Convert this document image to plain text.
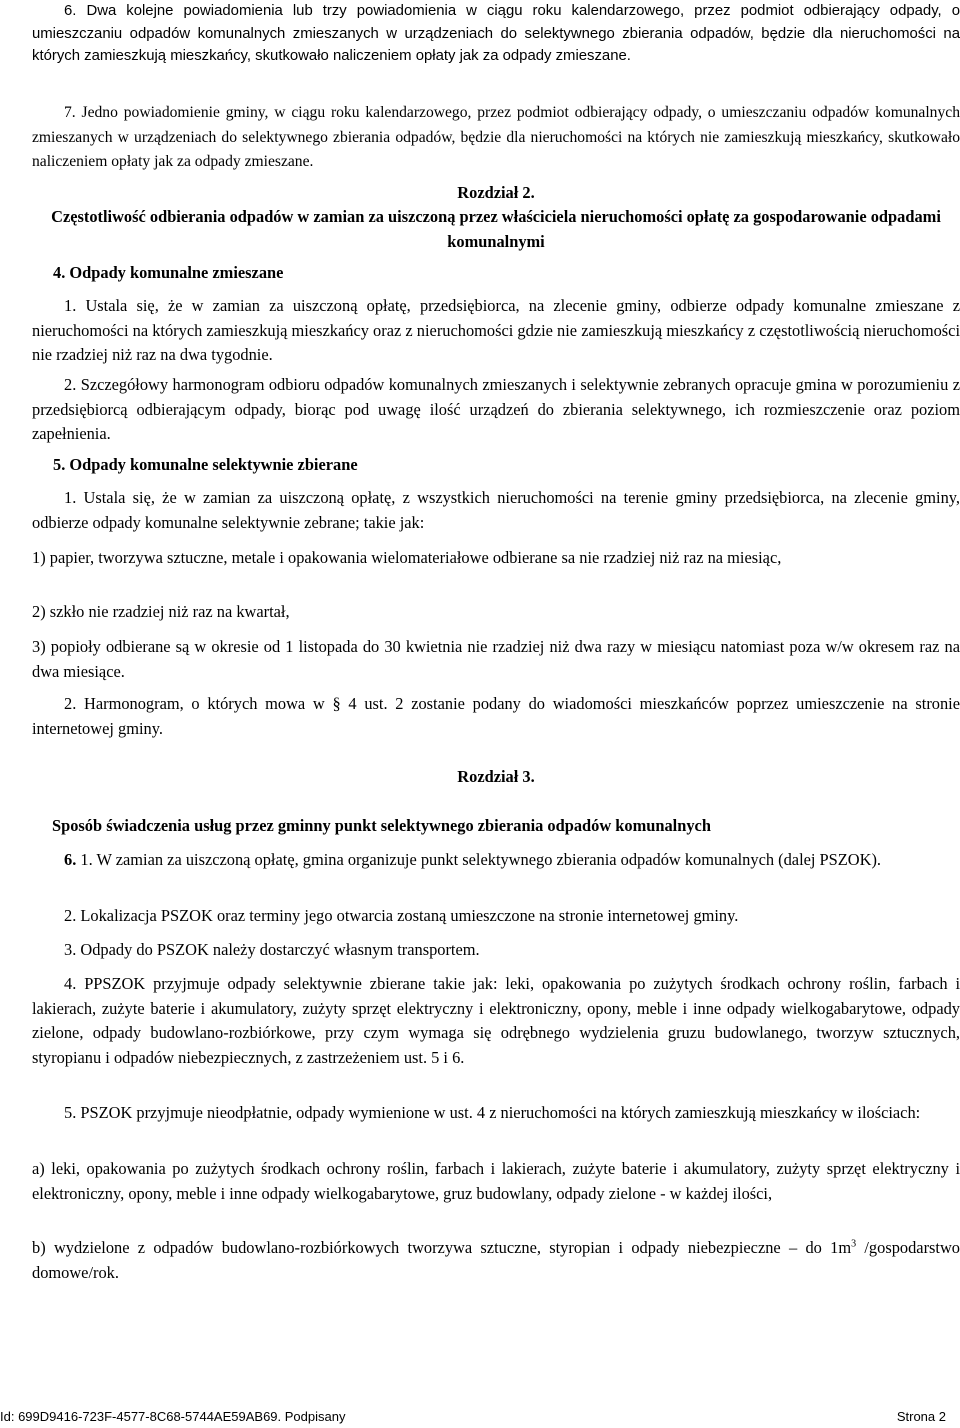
6. Dwa kolejne powiadomienia lub trzy powiadomienia w ciągu roku kalendarzowego, przez podmiot odbierający odpady, o umieszczaniu odpadów komunalnych zmieszanych w urządzeniach do selektywnego zbierania odpadów, będzie dla nieruchomości na których zamieszkują mieszkańcy, skutkowało naliczeniem opłaty jak za odpady zmieszane.

7. Jedno powiadomienie gminy, w ciągu roku kalendarzowego, przez podmiot odbierający odpady, o umieszczaniu odpadów komunalnych zmieszanych w urządzeniach do selektywnego zbierania odpadów, będzie dla nieruchomości na których nie zamieszkują mieszkańcy, skutkowało naliczeniem opłaty jak za odpady zmieszane.

Rozdział 2.

Częstotliwość odbierania odpadów w zamian za uiszczoną przez właściciela nieruchomości opłatę za gospodarowanie odpadami komunalnymi

4. Odpady komunalne zmieszane

1. Ustala się, że w zamian za uiszczoną opłatę, przedsiębiorca, na zlecenie gminy, odbierze odpady komunalne zmieszane z nieruchomości na których zamieszkują mieszkańcy oraz z nieruchomości gdzie nie zamieszkują mieszkańcy z częstotliwością nieruchomości nie rzadziej niż raz na dwa tygodnie.

2. Szczegółowy harmonogram odbioru odpadów komunalnych zmieszanych i selektywnie zebranych opracuje gmina w porozumieniu z przedsiębiorcą odbierającym odpady, biorąc pod uwagę ilość urządzeń do zbierania selektywnego, ich rozmieszczenie oraz poziom zapełnienia.

5. Odpady komunalne selektywnie zbierane

1. Ustala się, że w zamian za uiszczoną opłatę, z wszystkich nieruchomości na terenie gminy przedsiębiorca, na zlecenie gminy, odbierze odpady komunalne selektywnie zebrane; takie jak:

1) papier, tworzywa sztuczne, metale i opakowania wielomateriałowe odbierane sa nie rzadziej niż raz na miesiąc,

2) szkło nie rzadziej niż raz na kwartał,

3) popioły odbierane są w okresie od 1 listopada do 30 kwietnia nie rzadziej niż dwa razy w miesiącu natomiast poza w/w okresem raz na dwa miesiące.

2. Harmonogram, o których mowa w § 4 ust. 2 zostanie podany do wiadomości mieszkańców poprzez umieszczenie na stronie internetowej gminy.

Rozdział 3.

Sposób świadczenia usług przez gminny punkt selektywnego zbierania odpadów komunalnych

6. 1. W zamian za uiszczoną opłatę, gmina organizuje punkt selektywnego zbierania odpadów komunalnych (dalej PSZOK).

2. Lokalizacja PSZOK oraz terminy jego otwarcia zostaną umieszczone na stronie internetowej gminy.

3. Odpady do PSZOK należy dostarczyć własnym transportem.

4. PPSZOK przyjmuje odpady selektywnie zbierane takie jak: leki, opakowania po zużytych środkach ochrony roślin, farbach i lakierach, zużyte baterie i akumulatory, zużyty sprzęt elektryczny i elektroniczny, opony, meble i inne odpady wielkogabarytowe, odpady zielone, odpady budowlano-rozbiórkowe, przy czym wymaga się odrębnego wydzielenia gruzu budowlanego, tworzyw sztucznych, styropianu i odpadów niebezpiecznych, z zastrzeżeniem ust. 5 i 6.

5. PSZOK przyjmuje nieodpłatnie, odpady wymienione w ust. 4 z nieruchomości na których zamieszkują mieszkańcy w ilościach:

a) leki, opakowania po zużytych środkach ochrony roślin, farbach i lakierach, zużyte baterie i akumulatory, zużyty sprzęt elektryczny i elektroniczny, opony, meble i inne odpady wielkogabarytowe, gruz budowlany, odpady zielone - w każdej ilości,

b) wydzielone z odpadów budowlano-rozbiórkowych tworzywa sztuczne, styropian i odpady niebezpieczne – do $1m^3$ /gospodarstwo domowe/rok.

Id: 699D9416-723F-4577-8C68-5744AE59AB69. Podpisany	Strona 2
